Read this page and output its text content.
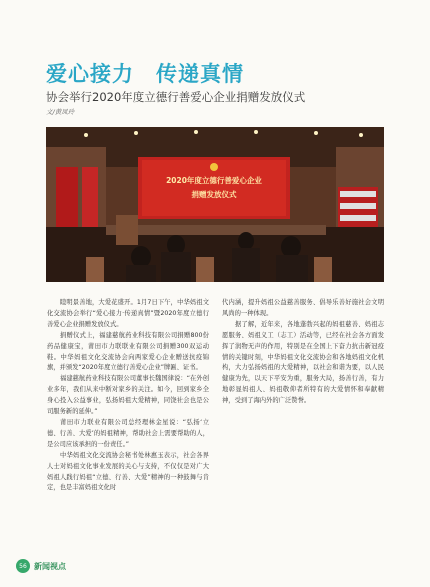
爱心接力　传递真情
协会举行2020年度立德行善爱心企业捐赠发放仪式
文/黄凤玲
2020年度立德行善爱心企业
捐赠发放仪式

睦明景善地，大爱花盛开。1月7日下午，中华妈祖文化交流协会举行“爱心接力·传递真情”暨2020年度立德行善爱心企业捐赠发放仪式。

捐赠仪式上，福建慈航药业科技有限公司捐赠800份药品健康宝，莆田市力联联业有限公司捐赠300双运动鞋。中华妈祖文化交流协会向两家爱心企业赠送抗疫锦旗，并颁发“2020年度立德行善爱心企业”牌匾、证书。

福建慈航药业科技有限公司董事长魏国律说：“在外创业多年，我们从来中断对家乡的关注。如今，回到家乡全身心投入公益事业，弘扬妈祖大爱精神，同饶社会也是公司服务新的延伸。”

莆田市力联业有限公司总经理林金星说：“弘扬‘立德、行善、大爱’的妈祖精神，帮助社会上需要帮助的人，是公司应该承担的一份责任。”

中华妈祖文化交流协会秘书处林惠玉表示，社会各界人士对妈祖文化事业发展的关心与支持，不仅仅是对广大妈祖人践行妈祖“立德、行善、大爱”精神的一种鼓舞与肯定，也是丰富妈祖文化时

代内涵，提升妈祖公益慈善服务、倡导乐善好施社会文明风尚的一种体现。

据了解，近年来，各地蓬勃兴起的妈祖慈善、妈祖志愿服务、妈祖义工（志工）活动等，已经在社会各方面发挥了润物无声的作用，特别是在全国上下奋力抗击新冠疫情的关键时刻，中华妈祖文化交流协会和各地妈祖文化机构，大力弘扬妈祖的大爱精神，以社会和谐为要，以人民健康为先，以天下平安为重，服务大局，扬善行善，有力地彰显妈祖人、妈祖敬仰者所特有的大爱情怀和奉献精神，受到了海内外的广泛赞誉。

56 新闻视点
